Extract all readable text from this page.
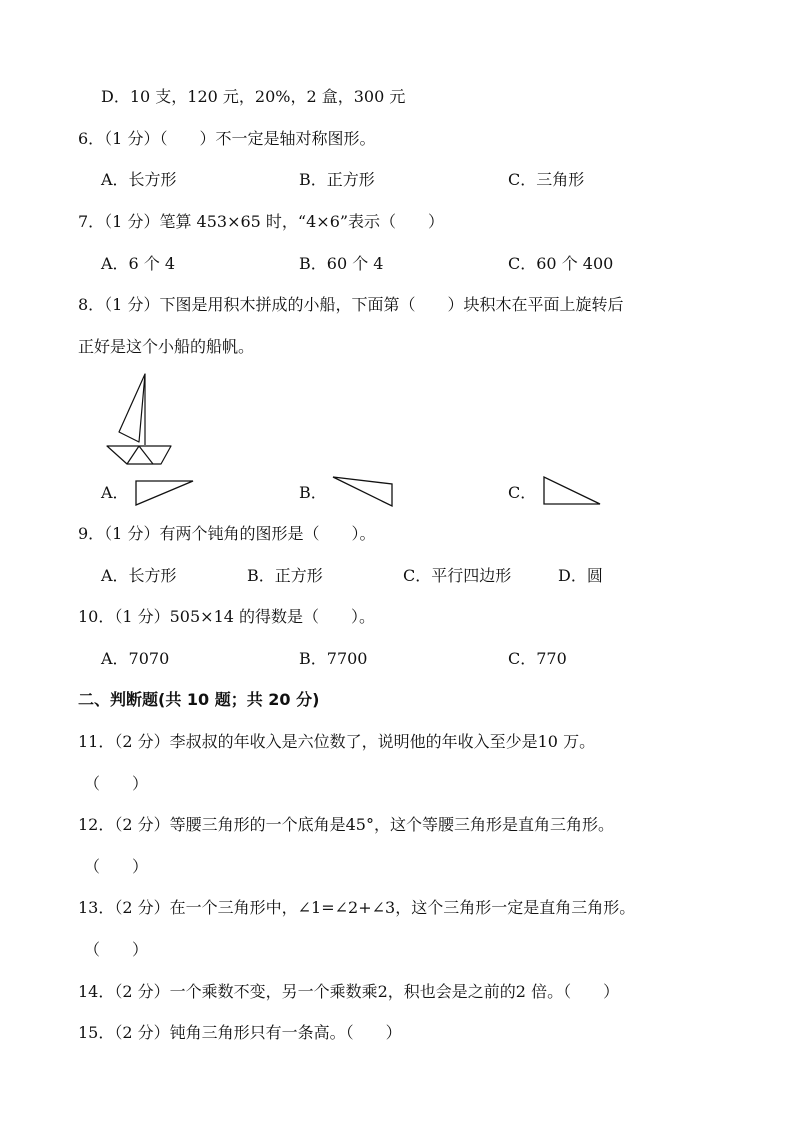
D．10 支，120 元，20%，2 盒，300 元
6．（1 分）（　　）不一定是轴对称图形。
A．长方形	B．正方形	C．三角形
7．（1 分）笔算 453×65 时，“4×6”表示（　　）
A．6 个 4	B．60 个 4	C．60 个 400
8．（1 分）下图是用积木拼成的小船，下面第（　　）块积木在平面上旋转后
正好是这个小船的船帆。
A．	B．	C．
9．（1 分）有两个钝角的图形是（　　）。
A．长方形	B．正方形	C．平行四边形	D．圆
10．（1 分）505×14 的得数是（　　）。
A．7070	B．7700	C．770
二、判断题(共 10 题；共 20 分)
11．（2 分）李叔叔的年收入是六位数了，说明他的年收入至少是10 万。
（　　）
12．（2 分）等腰三角形的一个底角是45°，这个等腰三角形是直角三角形。
（　　）
13．（2 分）在一个三角形中，∠1=∠2+∠3，这个三角形一定是直角三角形。
（　　）
14．（2 分）一个乘数不变，另一个乘数乘2，积也会是之前的2 倍。（　　）
15．（2 分）钝角三角形只有一条高。（　　）
